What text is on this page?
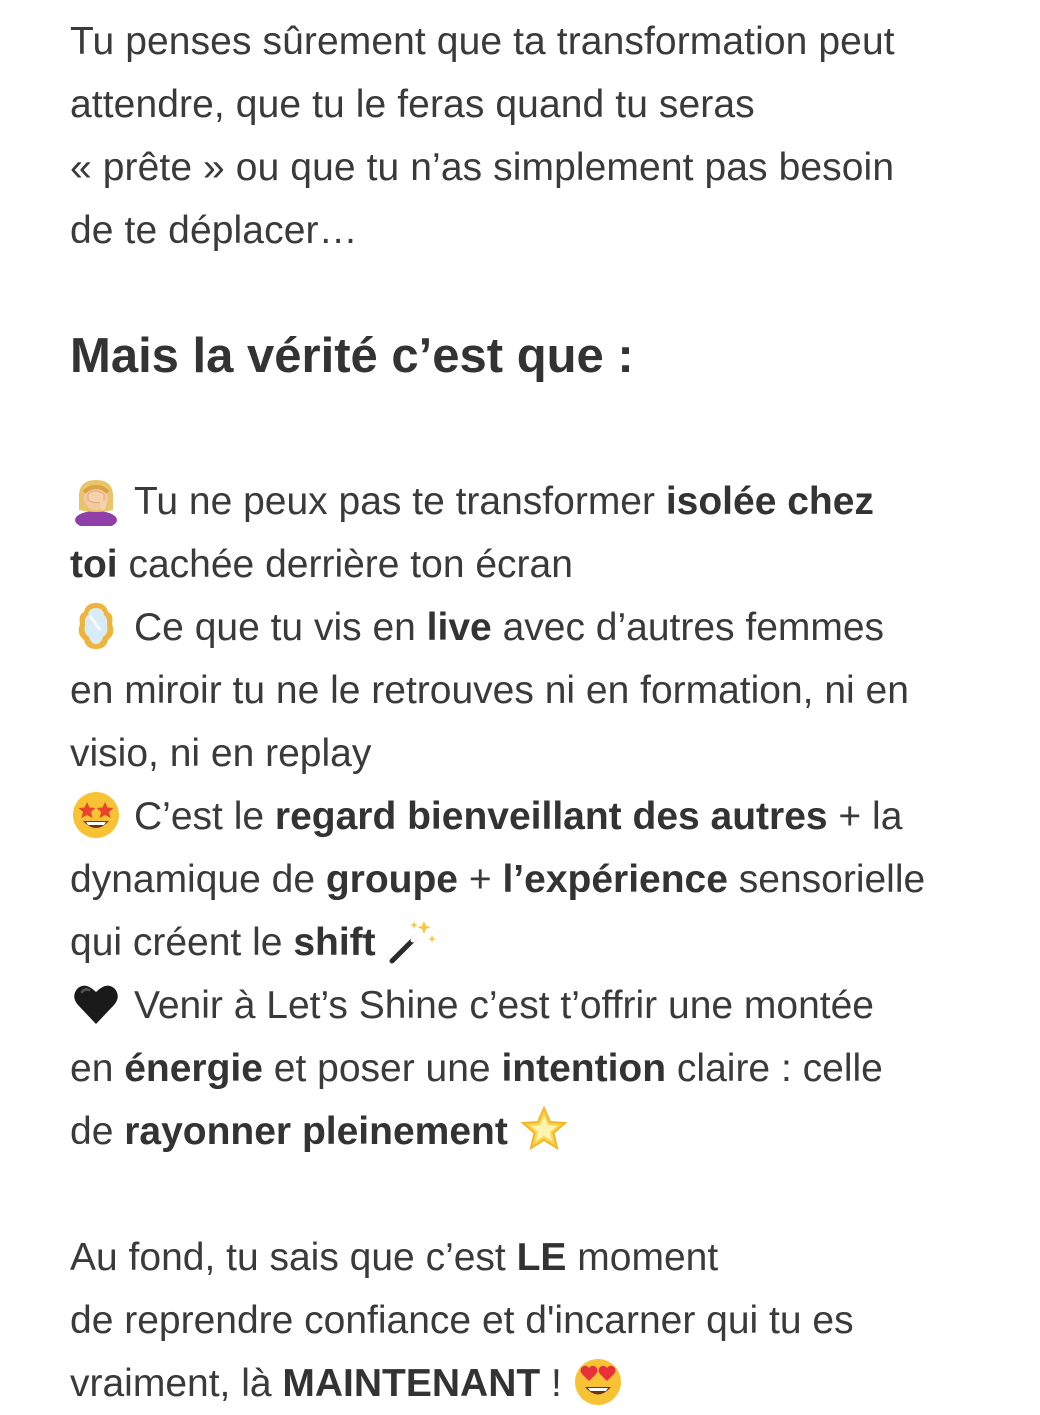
Tu penses sûrement que ta transformation peut
attendre, que tu le feras quand tu seras
« prête » ou que tu n’as simplement pas besoin
de te déplacer…

Mais la vérité c’est que :
Tu ne peux pas te transformer isolée chez
toi cachée derrière ton écran
Ce que tu vis en live avec d’autres femmes
en miroir tu ne le retrouves ni en formation, ni en
visio, ni en replay
C’est le regard bienveillant des autres + la
dynamique de groupe + l’expérience sensorielle
qui créent le shift
Venir à Let’s Shine c’est t’offrir une montée
en énergie et poser une intention claire : celle
de rayonner pleinement
Au fond, tu sais que c’est LE moment
de reprendre confiance et d'incarner qui tu es
vraiment, là MAINTENANT !
